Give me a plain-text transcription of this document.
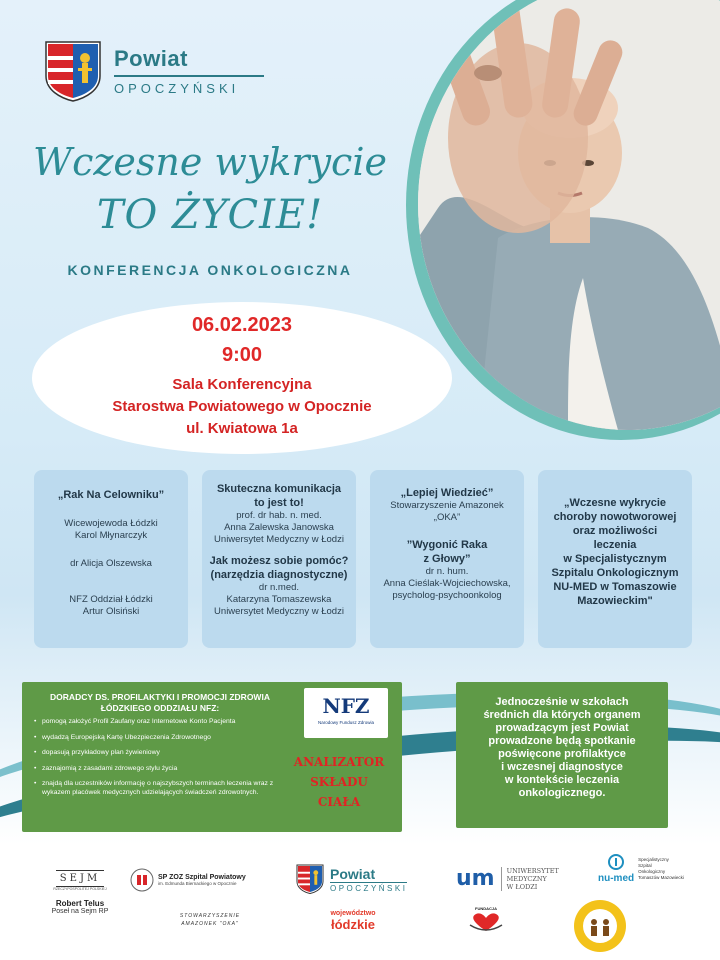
Powiat
OPOCZYŃSKI
Wczesne wykrycie
TO ŻYCIE!
KONFERENCJA ONKOLOGICZNA
06.02.2023
9:00
Sala Konferencyjna
Starostwa Powiatowego w Opocznie
ul. Kwiatowa 1a
„Rak Na Celowniku”
Wicewojewoda Łódzki
Karol Młynarczyk
dr Alicja Olszewska
NFZ Oddział Łódzki
Artur Olsiński
Skuteczna komunikacja
to jest to!
prof. dr hab. n. med.
Anna Zalewska Janowska
Uniwersytet Medyczny w Łodzi
Jak możesz sobie pomóc?
(narzędzia diagnostyczne)
dr n.med.
Katarzyna Tomaszewska
Uniwersytet Medyczny w Łodzi
„Lepiej Wiedzieć”
Stowarzyszenie Amazonek
„OKA”
”Wygonić Raka
z Głowy”
dr n. hum.
Anna Cieślak-Wojciechowska,
psycholog-psychoonkolog
„Wczesne wykrycie
choroby nowotworowej
oraz możliwości
leczenia
w Specjalistycznym
Szpitalu Onkologicznym
NU-MED w Tomaszowie
Mazowieckim"
DORADCY DS. PROFILAKTYKI I PROMOCJI ZDROWIA
ŁÓDZKIEGO ODDZIAŁU NFZ:
• pomogą założyć Profil Zaufany oraz Internetowe Konto Pacjenta
• wydadzą Europejską Kartę Ubezpieczenia Zdrowotnego
• dopasują przykładowy plan żywieniowy
• zaznajomią z zasadami zdrowego stylu życia
• znajdą dla uczestników informację o najszybszych terminach leczenia wraz z wykazem placówek medycznych udzielających świadczeń zdrowotnych.
NFZ
Narodowy Fundusz Zdrowia
ANALIZATOR
SKŁADU
CIAŁA
Jednocześnie w szkołach
średnich dla których organem
prowadzącym jest Powiat
prowadzone będą spotkanie
poświęcone profilaktyce
i wczesnej diagnostyce
w kontekście leczenia
onkologicznego.
SEJM
RZECZYPOSPOLITEJ POLSKIEJ
Robert Telus
Poseł na Sejm RP
SP ZOZ Szpital Powiatowy
im. Edmunda Biernackiego w Opocznie
STOWARZYSZENIE
AMAZONEK "OKA"
Powiat
OPOCZYŃSKI
województwo
łódzkie
um UNIWERSYTET
MEDYCZNY
W ŁODZI
nu-med
Specjalistyczny
Szpital
Onkologiczny
Tomaszów Mazowiecki
FUNDACJA
